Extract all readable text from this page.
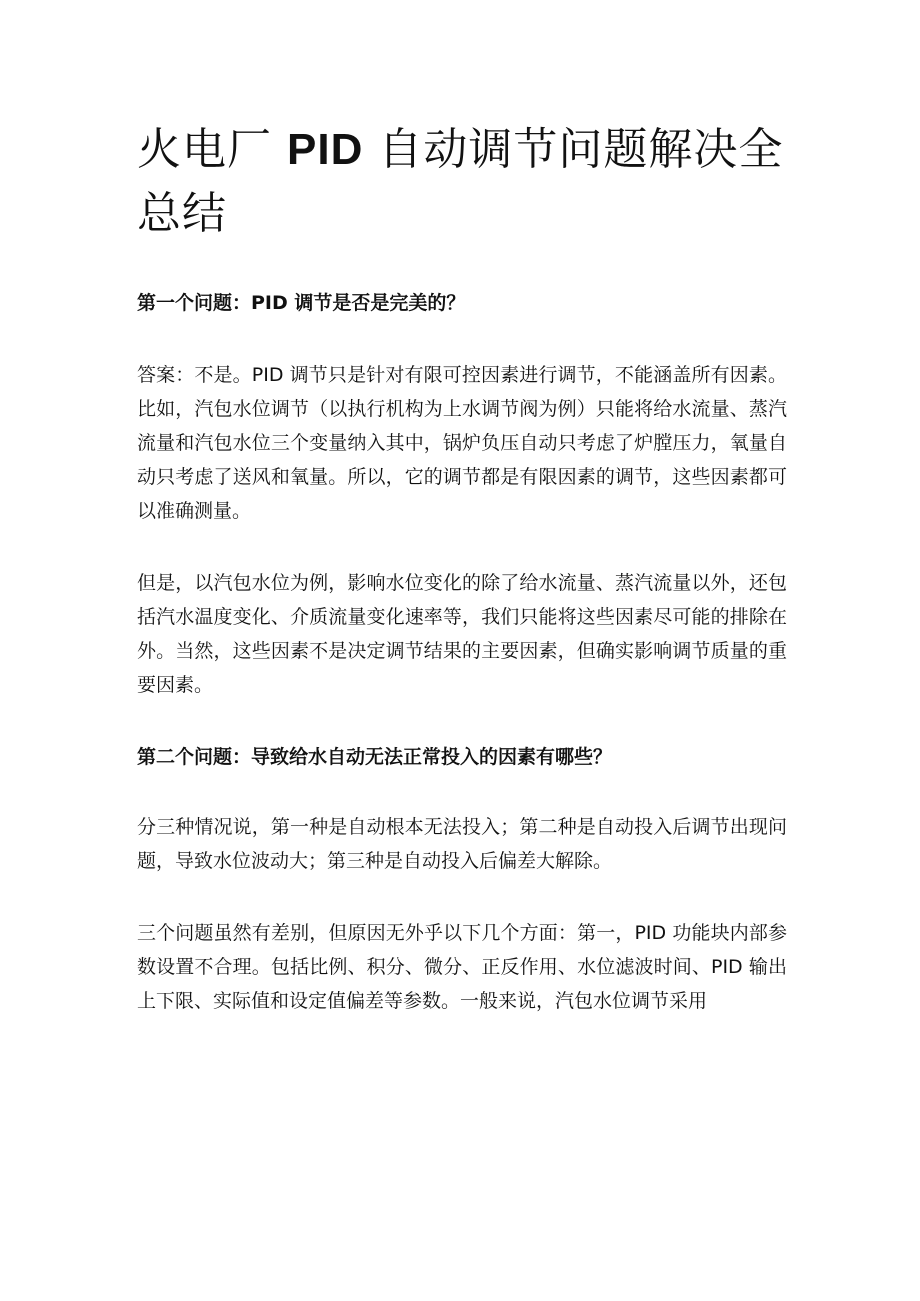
火电厂 PID 自动调节问题解决全总结
第一个问题：PID 调节是否是完美的？

答案：不是。PID 调节只是针对有限可控因素进行调节，不能涵盖所有因素。比如，汽包水位调节（以执行机构为上水调节阀为例）只能将给水流量、蒸汽流量和汽包水位三个变量纳入其中，锅炉负压自动只考虑了炉膛压力，氧量自动只考虑了送风和氧量。所以，它的调节都是有限因素的调节，这些因素都可以准确测量。

但是，以汽包水位为例，影响水位变化的除了给水流量、蒸汽流量以外，还包括汽水温度变化、介质流量变化速率等，我们只能将这些因素尽可能的排除在外。当然，这些因素不是决定调节结果的主要因素，但确实影响调节质量的重要因素。

第二个问题：导致给水自动无法正常投入的因素有哪些？

分三种情况说，第一种是自动根本无法投入；第二种是自动投入后调节出现问题，导致水位波动大；第三种是自动投入后偏差大解除。

三个问题虽然有差别，但原因无外乎以下几个方面：第一，PID 功能块内部参数设置不合理。包括比例、积分、微分、正反作用、水位滤波时间、PID 输出上下限、实际值和设定值偏差等参数。一般来说，汽包水位调节采用
